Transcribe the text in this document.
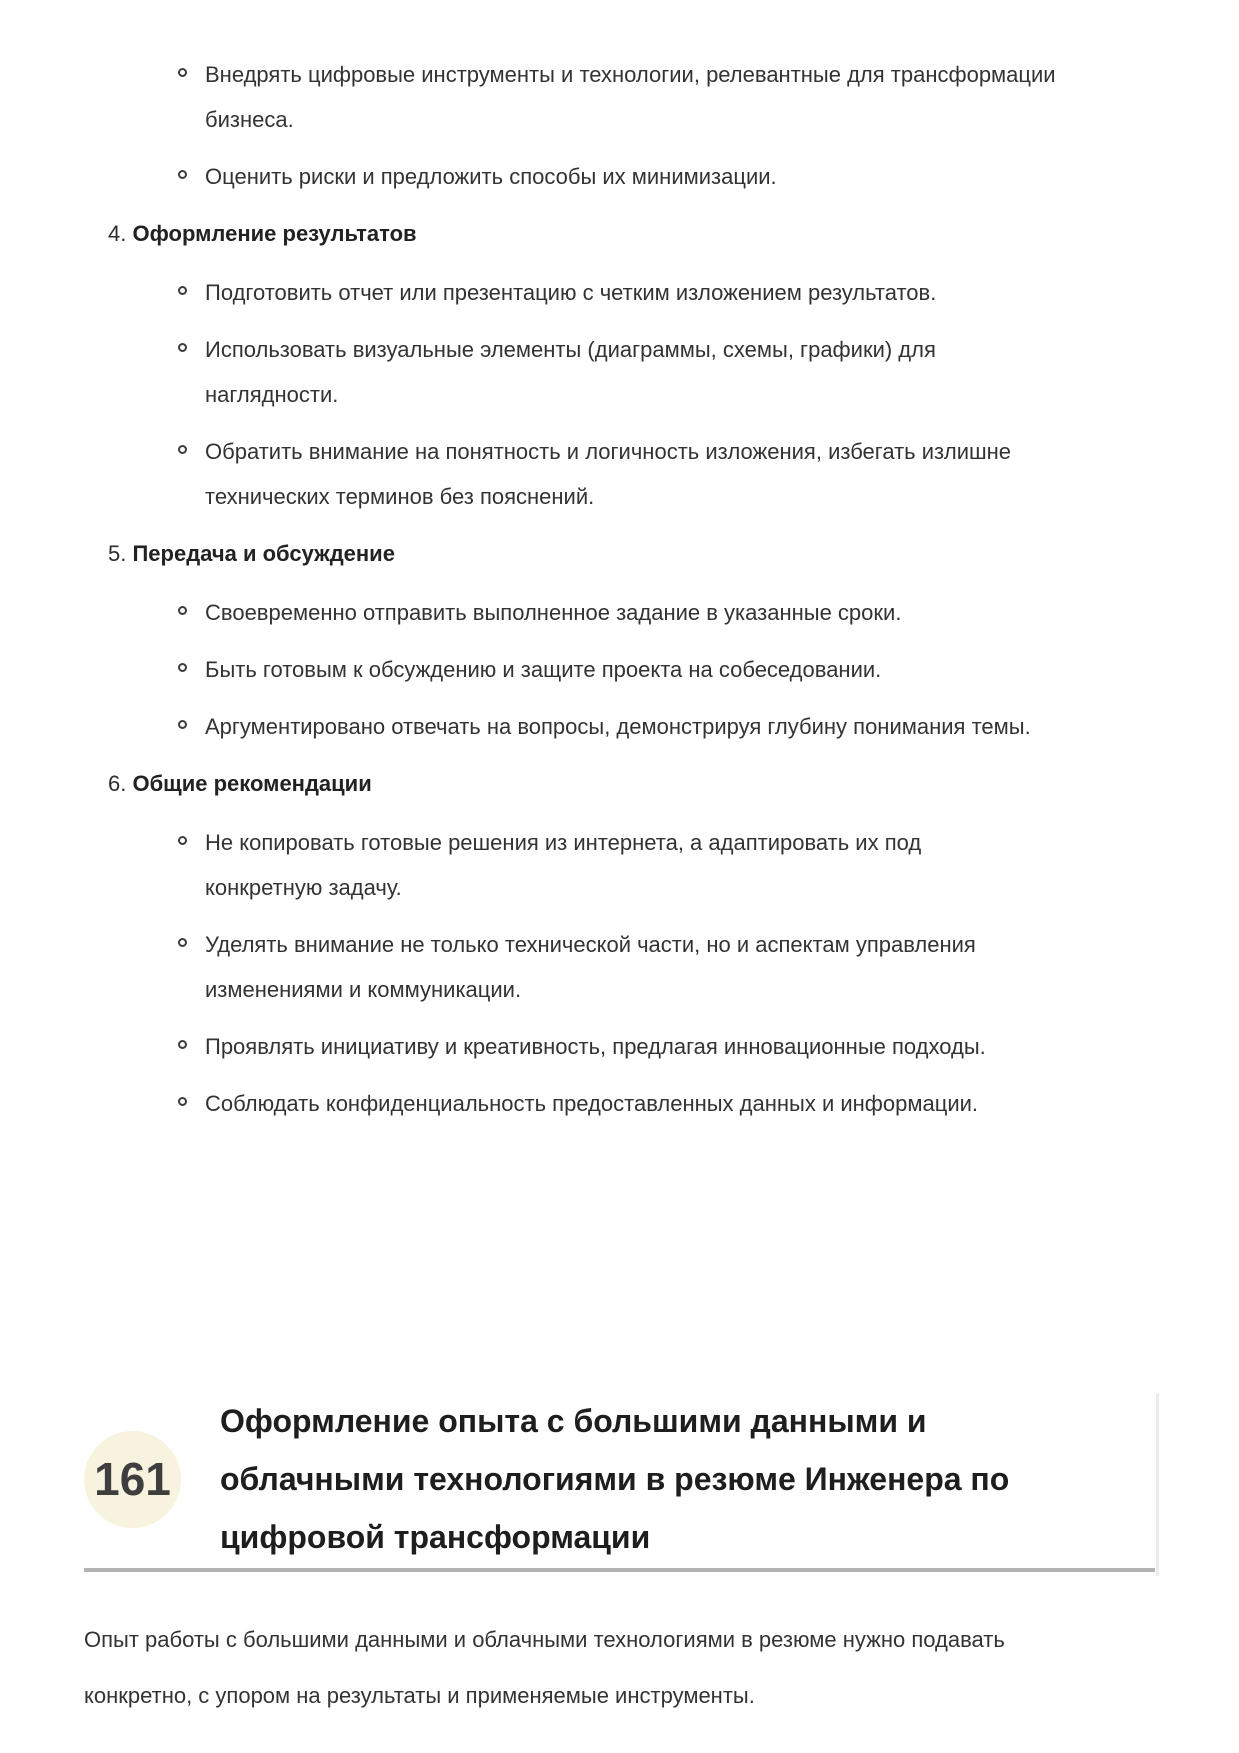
Внедрять цифровые инструменты и технологии, релевантные для трансформации
бизнеса.
Оценить риски и предложить способы их минимизации.
4. Оформление результатов
Подготовить отчет или презентацию с четким изложением результатов.
Использовать визуальные элементы (диаграммы, схемы, графики) для
наглядности.
Обратить внимание на понятность и логичность изложения, избегать излишне
технических терминов без пояснений.
5. Передача и обсуждение
Своевременно отправить выполненное задание в указанные сроки.
Быть готовым к обсуждению и защите проекта на собеседовании.
Аргументировано отвечать на вопросы, демонстрируя глубину понимания темы.
6. Общие рекомендации
Не копировать готовые решения из интернета, а адаптировать их под
конкретную задачу.
Уделять внимание не только технической части, но и аспектам управления
изменениями и коммуникации.
Проявлять инициативу и креативность, предлагая инновационные подходы.
Соблюдать конфиденциальность предоставленных данных и информации.
161
Оформление опыта с большими данными и
облачными технологиями в резюме Инженера по
цифровой трансформации

Опыт работы с большими данными и облачными технологиями в резюме нужно подавать
конкретно, с упором на результаты и применяемые инструменты.
